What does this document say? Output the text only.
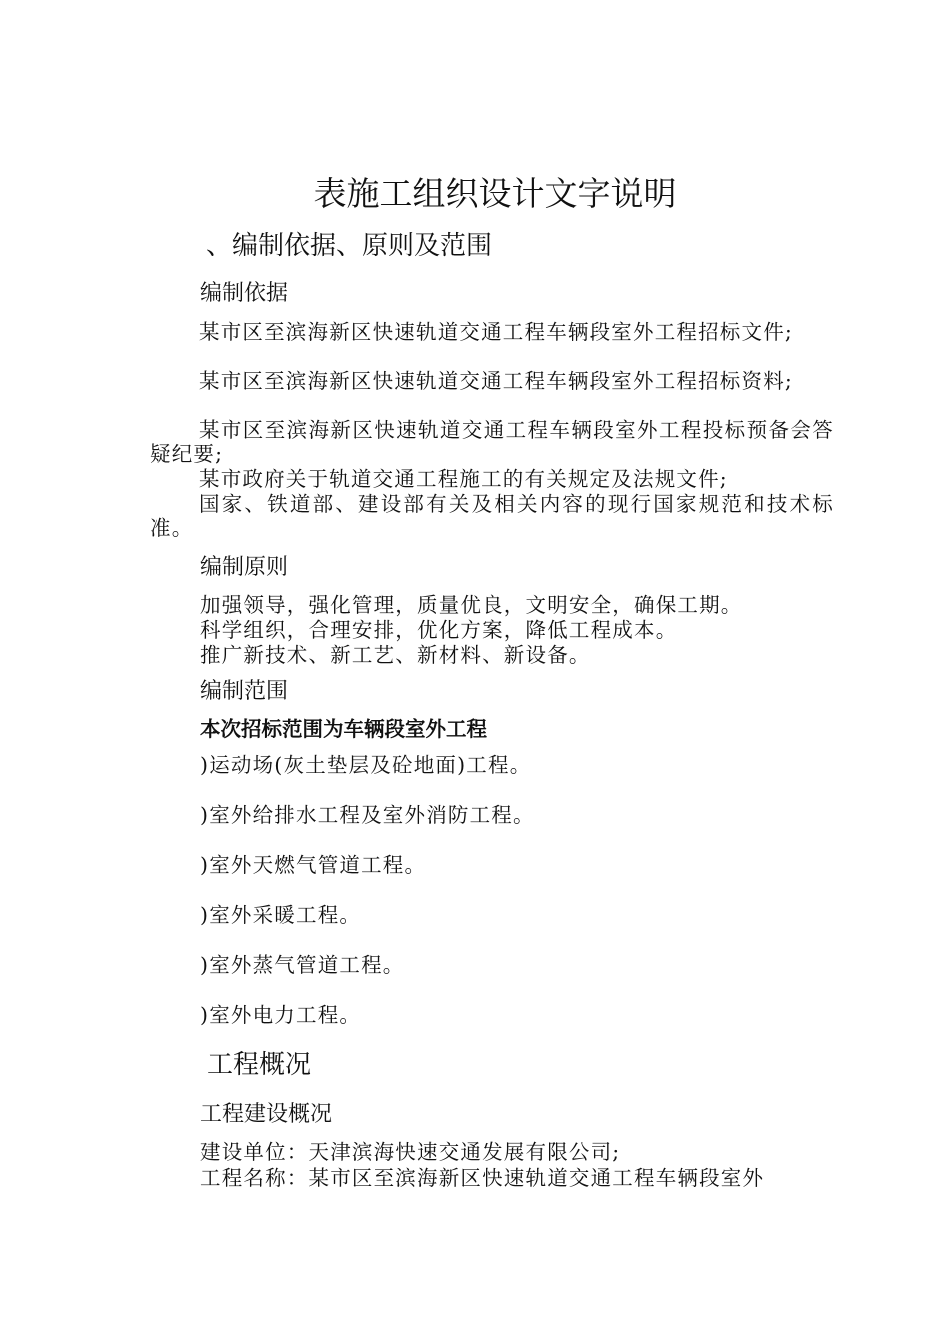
表施工组织设计文字说明
、编制依据、原则及范围
编制依据

某市区至滨海新区快速轨道交通工程车辆段室外工程招标文件;

某市区至滨海新区快速轨道交通工程车辆段室外工程招标资料;

某市区至滨海新区快速轨道交通工程车辆段室外工程投标预备会答疑纪要;

某市政府关于轨道交通工程施工的有关规定及法规文件;

国家、铁道部、建设部有关及相关内容的现行国家规范和技术标准。

编制原则
加强领导，强化管理，质量优良，文明安全，确保工期。
科学组织，合理安排，优化方案，降低工程成本。
推广新技术、新工艺、新材料、新设备。
编制范围
本次招标范围为车辆段室外工程
)运动场(灰土垫层及砼地面)工程。
)室外给排水工程及室外消防工程。
)室外天燃气管道工程。
)室外采暖工程。
)室外蒸气管道工程。
)室外电力工程。
工程概况
工程建设概况
建设单位：天津滨海快速交通发展有限公司;
工程名称：某市区至滨海新区快速轨道交通工程车辆段室外
